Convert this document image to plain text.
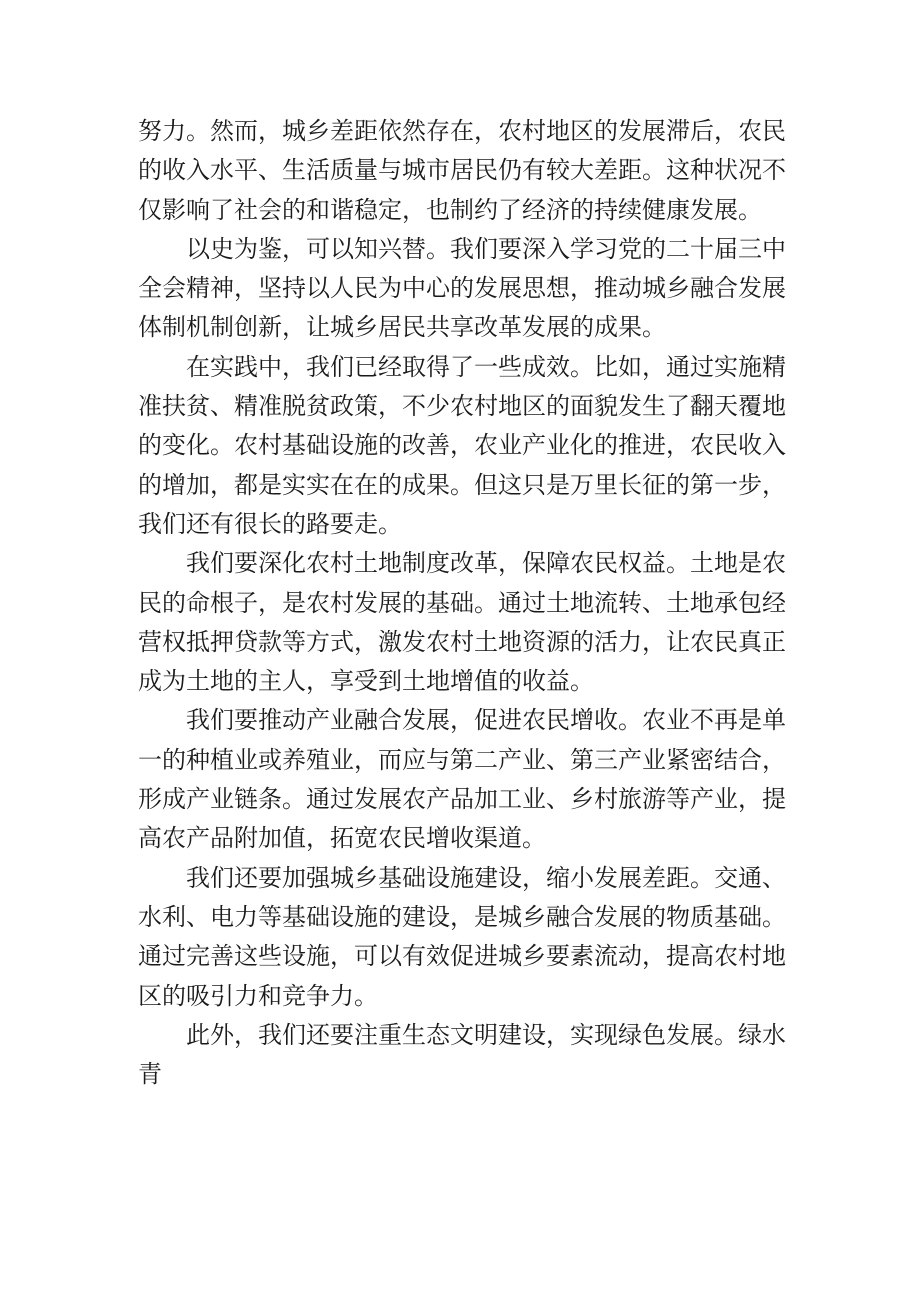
努力。然而，城乡差距依然存在，农村地区的发展滞后，农民的收入水平、生活质量与城市居民仍有较大差距。这种状况不仅影响了社会的和谐稳定，也制约了经济的持续健康发展。

以史为鉴，可以知兴替。我们要深入学习党的二十届三中全会精神，坚持以人民为中心的发展思想，推动城乡融合发展体制机制创新，让城乡居民共享改革发展的成果。

在实践中，我们已经取得了一些成效。比如，通过实施精准扶贫、精准脱贫政策，不少农村地区的面貌发生了翻天覆地的变化。农村基础设施的改善，农业产业化的推进，农民收入的增加，都是实实在在的成果。但这只是万里长征的第一步，我们还有很长的路要走。

我们要深化农村土地制度改革，保障农民权益。土地是农民的命根子，是农村发展的基础。通过土地流转、土地承包经营权抵押贷款等方式，激发农村土地资源的活力，让农民真正成为土地的主人，享受到土地增值的收益。

我们要推动产业融合发展，促进农民增收。农业不再是单一的种植业或养殖业，而应与第二产业、第三产业紧密结合，形成产业链条。通过发展农产品加工业、乡村旅游等产业，提高农产品附加值，拓宽农民增收渠道。

我们还要加强城乡基础设施建设，缩小发展差距。交通、水利、电力等基础设施的建设，是城乡融合发展的物质基础。通过完善这些设施，可以有效促进城乡要素流动，提高农村地区的吸引力和竞争力。

此外，我们还要注重生态文明建设，实现绿色发展。绿水青
